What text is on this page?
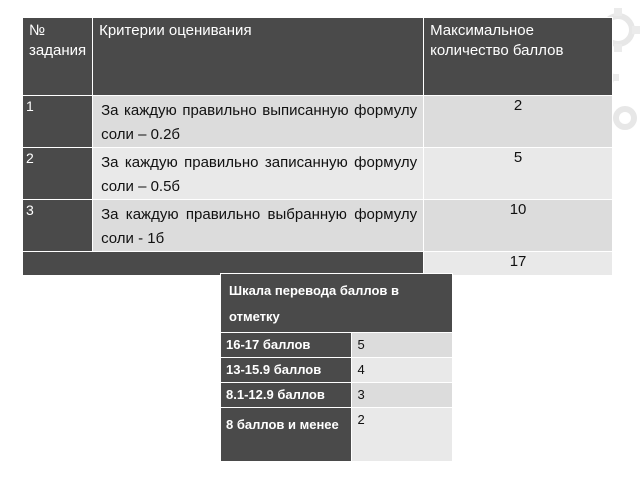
№ задания	Критерии оценивания	Максимальное количество баллов
1	За каждую правильно выписанную формулу соли – 0.2б	2
2	За каждую правильно записанную формулу соли – 0.5б	5
3	За каждую правильно выбранную формулу соли - 1б	10
		17
Шкала перевода баллов в отметку	
16-17 баллов	5
13-15.9 баллов	4
8.1-12.9 баллов	3
8 баллов и менее	2
